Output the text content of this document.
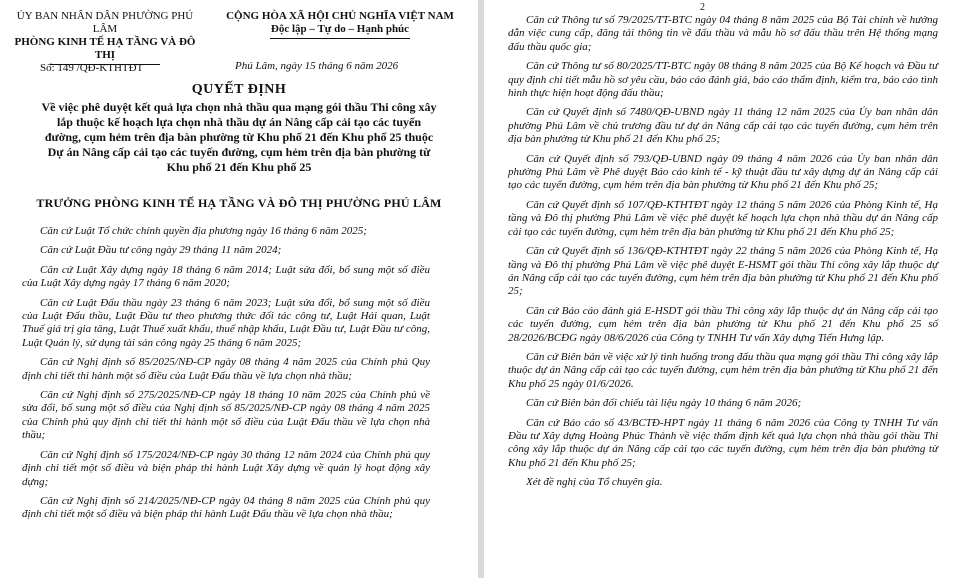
ỦY BAN NHÂN DÂN PHƯỜNG PHÚ LÂM
PHÒNG KINH TẾ HẠ TẦNG VÀ ĐÔ THỊ
CỘNG HÒA XÃ HỘI CHỦ NGHĨA VIỆT NAM
Độc lập – Tự do – Hạnh phúc
Số: 149 /QĐ-KTHTĐT	Phú Lâm, ngày 15 tháng 6 năm 2026
QUYẾT ĐỊNH
Về việc phê duyệt kết quả lựa chọn nhà thầu qua mạng gói thầu Thi công xây lắp thuộc kế hoạch lựa chọn nhà thầu dự án Nâng cấp cải tạo các tuyến đường, cụm hẻm trên địa bàn phường từ Khu phố 21 đến Khu phố 25 thuộc Dự án Nâng cấp cải tạo các tuyến đường, cụm hẻm trên địa bàn phường từ Khu phố 21 đến Khu phố 25
TRƯỞNG PHÒNG KINH TẾ HẠ TẦNG VÀ ĐÔ THỊ PHƯỜNG PHÚ LÂM

Căn cứ Luật Tổ chức chính quyền địa phương ngày 16 tháng 6 năm 2025;

Căn cứ Luật Đầu tư công ngày 29 tháng 11 năm 2024;

Căn cứ Luật Xây dựng ngày 18 tháng 6 năm 2014; Luật sửa đổi, bổ sung một số điều của Luật Xây dựng ngày 17 tháng 6 năm 2020;

Căn cứ Luật Đấu thầu ngày 23 tháng 6 năm 2023; Luật sửa đổi, bổ sung một số điều của Luật Đấu thầu, Luật Đầu tư theo phương thức đối tác công tư, Luật Hải quan, Luật Thuế giá trị gia tăng, Luật Thuế xuất khẩu, thuế nhập khẩu, Luật Đầu tư, Luật Đầu tư công, Luật Quản lý, sử dụng tài sản công ngày 25 tháng 6 năm 2025;

Căn cứ Nghị định số 85/2025/NĐ-CP ngày 08 tháng 4 năm 2025 của Chính phủ Quy định chi tiết thi hành một số điều của Luật Đấu thầu về lựa chọn nhà thầu;

Căn cứ Nghị định số 275/2025/NĐ-CP ngày 18 tháng 10 năm 2025 của Chính phủ về sửa đổi, bổ sung một số điều của Nghị định số 85/2025/NĐ-CP ngày 08 tháng 4 năm 2025 của Chính phủ quy định chi tiết thi hành một số điều của Luật Đấu thầu về lựa chọn nhà thầu;

Căn cứ Nghị định số 175/2024/NĐ-CP ngày 30 tháng 12 năm 2024 của Chính phủ quy định chi tiết một số điều và biện pháp thi hành Luật Xây dựng về quản lý hoạt động xây dựng;

Căn cứ Nghị định số 214/2025/NĐ-CP ngày 04 tháng 8 năm 2025 của Chính phủ quy định chi tiết một số điều và biện pháp thi hành Luật Đấu thầu về lựa chọn nhà thầu;

2

Căn cứ Thông tư số 79/2025/TT-BTC ngày 04 tháng 8 năm 2025 của Bộ Tài chính về hướng dẫn việc cung cấp, đăng tải thông tin về đấu thầu và mẫu hồ sơ đấu thầu trên Hệ thống mạng đấu thầu quốc gia;

Căn cứ Thông tư số 80/2025/TT-BTC ngày 08 tháng 8 năm 2025 của Bộ Kế hoạch và Đầu tư quy định chi tiết mẫu hồ sơ yêu cầu, báo cáo đánh giá, báo cáo thẩm định, kiểm tra, báo cáo tình hình thực hiện hoạt động đấu thầu;

Căn cứ Quyết định số 7480/QĐ-UBND ngày 11 tháng 12 năm 2025 của Ủy ban nhân dân phường Phú Lâm về chủ trương đầu tư dự án Nâng cấp cải tạo các tuyến đường, cụm hẻm trên địa bàn phường từ Khu phố 21 đến Khu phố 25;

Căn cứ Quyết định số 793/QĐ-UBND ngày 09 tháng 4 năm 2026 của Ủy ban nhân dân phường Phú Lâm về Phê duyệt Báo cáo kinh tế - kỹ thuật đầu tư xây dựng dự án Nâng cấp cải tạo các tuyến đường, cụm hẻm trên địa bàn phường từ Khu phố 21 đến Khu phố 25;

Căn cứ Quyết định số 107/QĐ-KTHTĐT ngày 12 tháng 5 năm 2026 của Phòng Kinh tế, Hạ tầng và Đô thị phường Phú Lâm về việc phê duyệt kế hoạch lựa chọn nhà thầu dự án Nâng cấp cải tạo các tuyến đường, cụm hẻm trên địa bàn phường từ Khu phố 21 đến Khu phố 25;

Căn cứ Quyết định số 136/QĐ-KTHTĐT ngày 22 tháng 5 năm 2026 của Phòng Kinh tế, Hạ tầng và Đô thị phường Phú Lâm về việc phê duyệt E-HSMT gói thầu Thi công xây lắp thuộc dự án Nâng cấp cải tạo các tuyến đường, cụm hẻm trên địa bàn phường từ Khu phố 21 đến Khu phố 25;

Căn cứ Báo cáo đánh giá E-HSDT gói thầu Thi công xây lắp thuộc dự án Nâng cấp cải tạo các tuyến đường, cụm hẻm trên địa bàn phường từ Khu phố 21 đến Khu phố 25 số 28/2026/BCĐG ngày 08/6/2026 của Công ty TNHH Tư vấn Xây dựng Tiến Hưng lập.

Căn cứ Biên bản về việc xử lý tình huống trong đấu thầu qua mạng gói thầu Thi công xây lắp thuộc dự án Nâng cấp cải tạo các tuyến đường, cụm hẻm trên địa bàn phường từ Khu phố 21 đến Khu phố 25 ngày 01/6/2026.

Căn cứ Biên bản đối chiếu tài liệu ngày 10 tháng 6 năm 2026;

Căn cứ Báo cáo số 43/BCTĐ-HPT ngày 11 tháng 6 năm 2026 của Công ty TNHH Tư vấn Đầu tư Xây dựng Hoàng Phúc Thành về việc thẩm định kết quả lựa chọn nhà thầu gói thầu Thi công xây lắp thuộc dự án Nâng cấp cải tạo các tuyến đường, cụm hẻm trên địa bàn phường từ Khu phố 21 đến Khu phố 25;

Xét đề nghị của Tổ chuyên gia.
